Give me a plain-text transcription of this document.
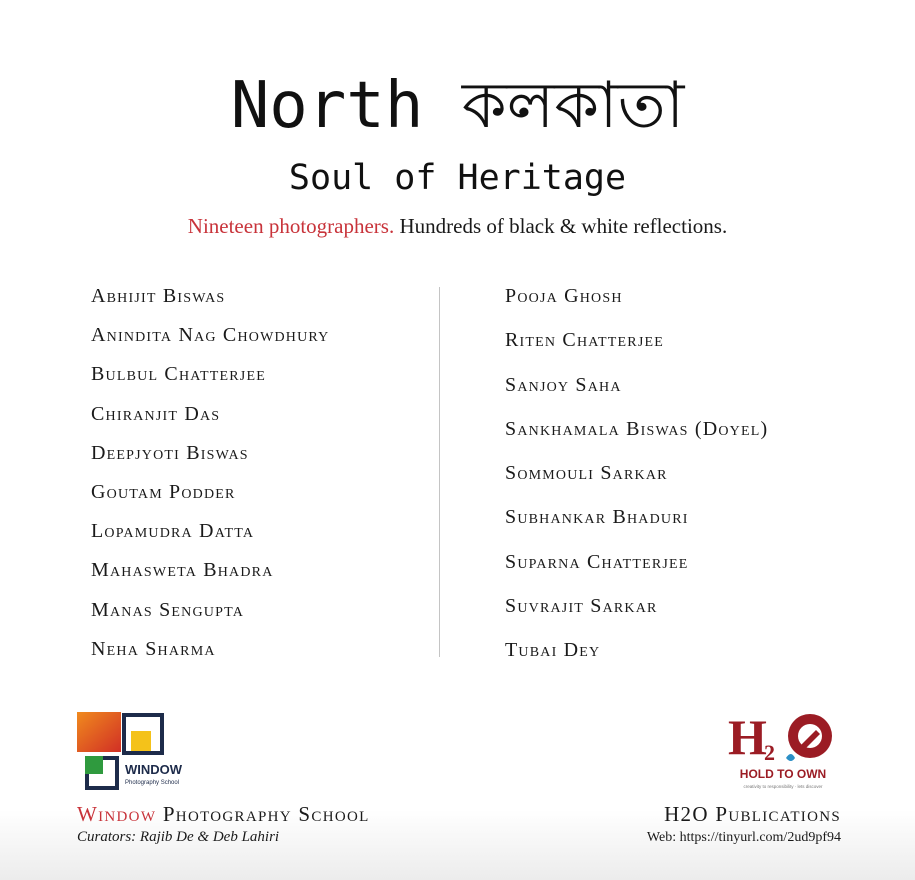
North কলকাতা
Soul of Heritage
Nineteen photographers. Hundreds of black & white reflections.
Abhijit Biswas
Anindita Nag Chowdhury
Bulbul Chatterjee
Chiranjit Das
Deepjyoti Biswas
Goutam Podder
Lopamudra Datta
Mahasweta Bhadra
Manas Sengupta
Neha Sharma
Pooja Ghosh
Riten Chatterjee
Sanjoy Saha
Sankhamala Biswas (Doyel)
Sommouli Sarkar
Subhankar Bhaduri
Suparna Chatterjee
Suvrajit Sarkar
Tubai Dey
WINDOW
Photography School
H
2
HOLD TO OWN
creativity to responsibility · lets discover
Window Photography School
Curators: Rajib De & Deb Lahiri
H2O Publications
Web: https://tinyurl.com/2ud9pf94
